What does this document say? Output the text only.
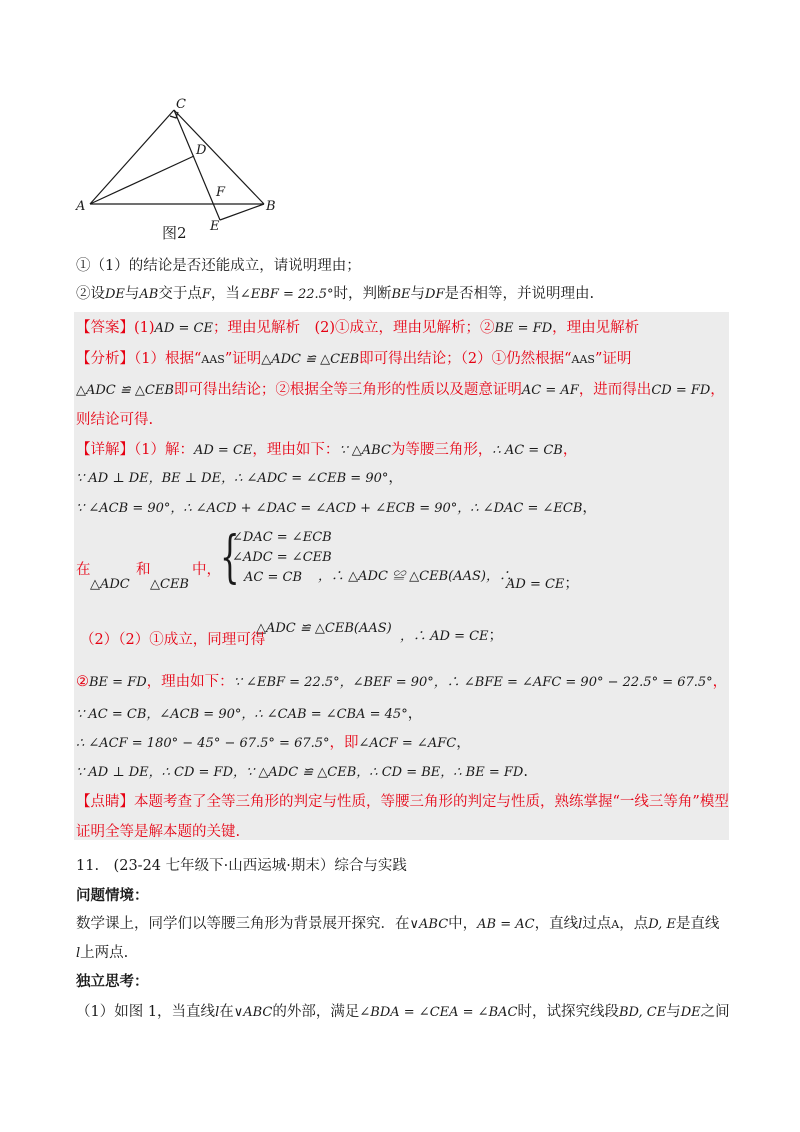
C
D
F
A	B
E
图2
①（1）的结论是否还能成立，请说明理由；
②设DE与AB交于点F，当∠EBF = 22.5°时，判断BE与DF是否相等，并说明理由.
【答案】(1)AD = CE；理由见解析　(2)①成立，理由见解析；②BE = FD，理由见解析
【分析】（1）根据“AAS”证明△ADC ≌ △CEB即可得出结论；（2）①仍然根据“AAS”证明
△ADC ≌ △CEB即可得出结论；②根据全等三角形的性质以及题意证明AC = AF，进而得出CD = FD，
则结论可得.
【详解】（1）解：AD = CE，理由如下：∵ △ABC为等腰三角形，∴ AC = CB，
∵ AD ⊥ DE，BE ⊥ DE，∴ ∠ADC = ∠CEB = 90°，
∵ ∠ACB = 90°，∴ ∠ACD + ∠DAC = ∠ACD + ∠ECB = 90°，∴ ∠DAC = ∠ECB，
{
∠DAC = ∠ECB
∠ADC = ∠CEB
AC = CB
在
△ADC
和
△CEB
中，	，∴ △ADC ≌ △CEB(AAS)，∴
AD = CE；
△ADC ≌ △CEB(AAS)
（2）（2）①成立，同理可得	，∴ AD = CE；
②BE = FD，理由如下：∵ ∠EBF = 22.5°，∠BEF = 90°，∴ ∠BFE = ∠AFC = 90° − 22.5° = 67.5°，
∵ AC = CB，∠ACB = 90°，∴ ∠CAB = ∠CBA = 45°，
∴ ∠ACF = 180° − 45° − 67.5° = 67.5°，即∠ACF = ∠AFC，
∵ AD ⊥ DE，∴ CD = FD，∵ △ADC ≌ △CEB，∴ CD = BE，∴ BE = FD.
【点睛】本题考查了全等三角形的判定与性质，等腰三角形的判定与性质，熟练掌握“一线三等角”模型
证明全等是解本题的关键.
11.　(23-24 七年级下·山西运城·期末）综合与实践
问题情境：
数学课上，同学们以等腰三角形为背景展开探究．在∨ABC中，AB = AC，直线l过点A，点D, E是直线
l上两点.
独立思考：
（1）如图 1，当直线l在∨ABC的外部，满足∠BDA = ∠CEA = ∠BAC时，试探究线段BD, CE与DE之间
